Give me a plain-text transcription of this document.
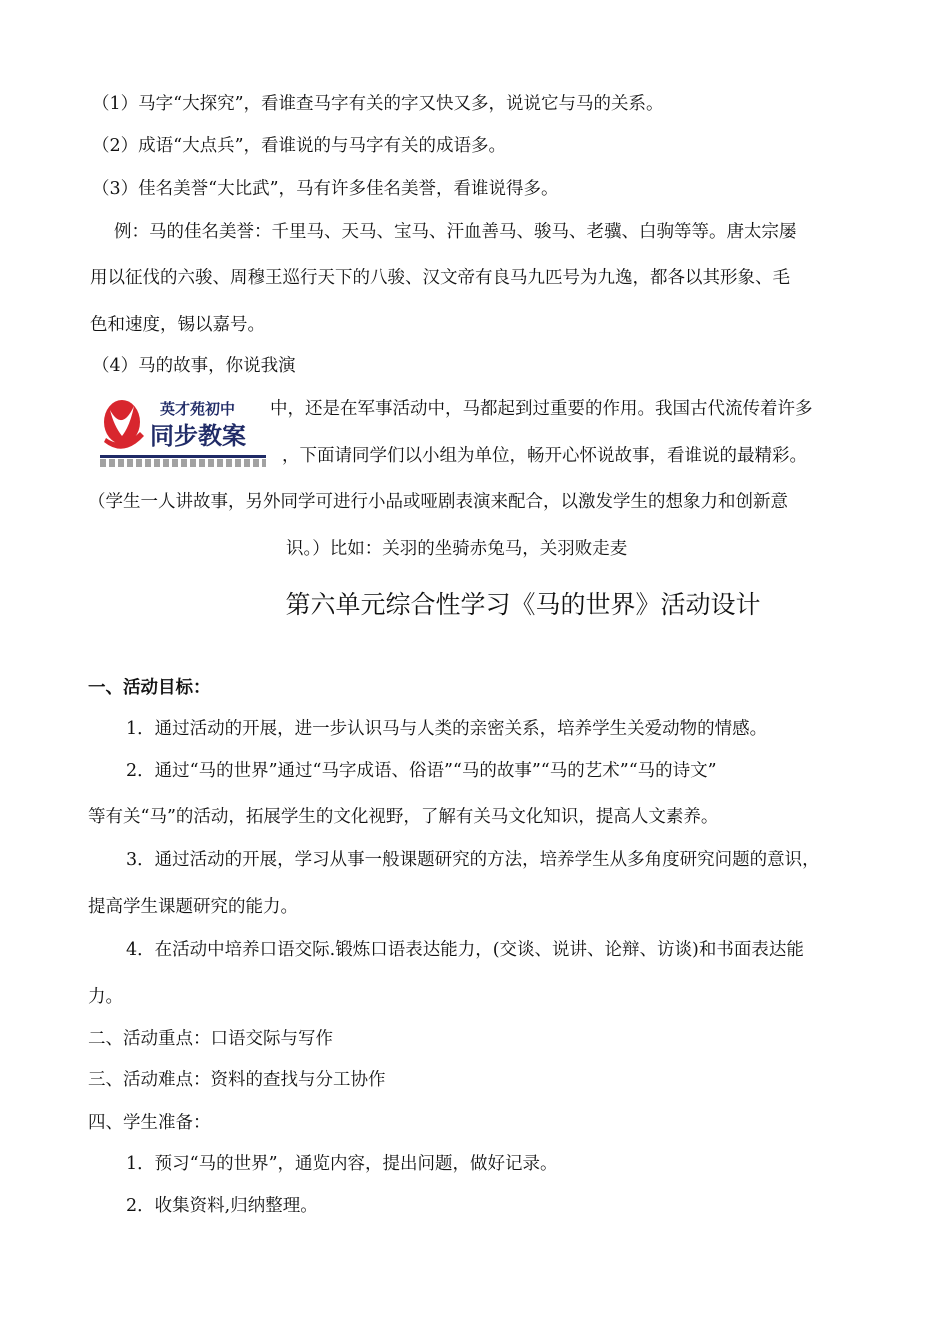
（1）马字“大探究”，看谁查马字有关的字又快又多，说说它与马的关系。
（2）成语“大点兵”，看谁说的与马字有关的成语多。
（3）佳名美誉“大比武”，马有许多佳名美誉，看谁说得多。
例：马的佳名美誉：千里马、天马、宝马、汗血善马、骏马、老骥、白驹等等。唐太宗屡
用以征伐的六骏、周穆王巡行天下的八骏、汉文帝有良马九匹号为九逸，都各以其形象、毛
色和速度，锡以嘉号。
（4）马的故事，你说我演
中，还是在军事活动中，马都起到过重要的作用。我国古代流传着许多
，下面请同学们以小组为单位，畅开心怀说故事，看谁说的最精彩。
（学生一人讲故事，另外同学可进行小品或哑剧表演来配合，以激发学生的想象力和创新意
识。）比如：关羽的坐骑赤兔马，关羽败走麦
英才苑初中
同步教案
第六单元综合性学习《马的世界》活动设计
一、活动目标：
1．通过活动的开展，进一步认识马与人类的亲密关系，培养学生关爱动物的情感。
2．通过“马的世界”通过“马字成语、俗语”“马的故事”“马的艺术”“马的诗文”
等有关“马”的活动，拓展学生的文化视野，了解有关马文化知识，提高人文素养。
3．通过活动的开展，学习从事一般课题研究的方法，培养学生从多角度研究问题的意识，
提高学生课题研究的能力。
4．在活动中培养口语交际.锻炼口语表达能力，(交谈、说讲、论辩、访谈)和书面表达能
力。
二、活动重点：口语交际与写作
三、活动难点：资料的查找与分工协作
四、学生准备：
1．预习“马的世界”，通览内容，提出问题，做好记录。
2．收集资料,归纳整理。
